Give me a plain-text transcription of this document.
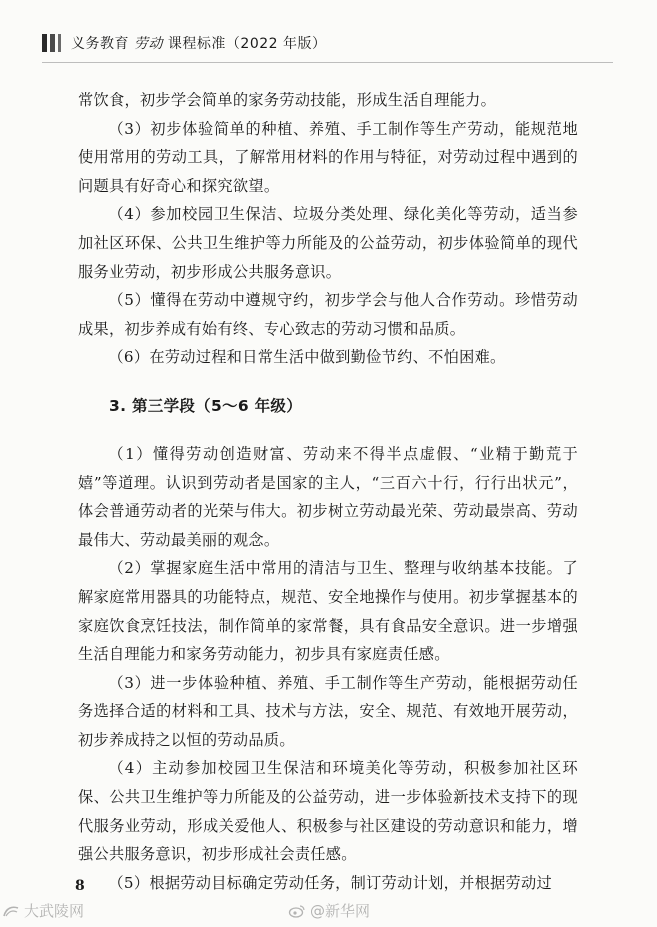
义务教育 劳动 课程标准（2022 年版）

常饮食，初步学会简单的家务劳动技能，形成生活自理能力。

（3）初步体验简单的种植、养殖、手工制作等生产劳动，能规范地使用常用的劳动工具，了解常用材料的作用与特征，对劳动过程中遇到的问题具有好奇心和探究欲望。

（4）参加校园卫生保洁、垃圾分类处理、绿化美化等劳动，适当参加社区环保、公共卫生维护等力所能及的公益劳动，初步体验简单的现代服务业劳动，初步形成公共服务意识。

（5）懂得在劳动中遵规守约，初步学会与他人合作劳动。珍惜劳动成果，初步养成有始有终、专心致志的劳动习惯和品质。

（6）在劳动过程和日常生活中做到勤俭节约、不怕困难。

3. 第三学段（5～6 年级）

（1）懂得劳动创造财富、劳动来不得半点虚假、“业精于勤荒于嬉”等道理。认识到劳动者是国家的主人，“三百六十行，行行出状元”，体会普通劳动者的光荣与伟大。初步树立劳动最光荣、劳动最崇高、劳动最伟大、劳动最美丽的观念。

（2）掌握家庭生活中常用的清洁与卫生、整理与收纳基本技能。了解家庭常用器具的功能特点，规范、安全地操作与使用。初步掌握基本的家庭饮食烹饪技法，制作简单的家常餐，具有食品安全意识。进一步增强生活自理能力和家务劳动能力，初步具有家庭责任感。

（3）进一步体验种植、养殖、手工制作等生产劳动，能根据劳动任务选择合适的材料和工具、技术与方法，安全、规范、有效地开展劳动，初步养成持之以恒的劳动品质。

（4）主动参加校园卫生保洁和环境美化等劳动，积极参加社区环保、公共卫生维护等力所能及的公益劳动，进一步体验新技术支持下的现代服务业劳动，形成关爱他人、积极参与社区建设的劳动意识和能力，增强公共服务意识，初步形成社会责任感。

（5）根据劳动目标确定劳动任务，制订劳动计划，并根据劳动过

8
大武陵网	@新华网
